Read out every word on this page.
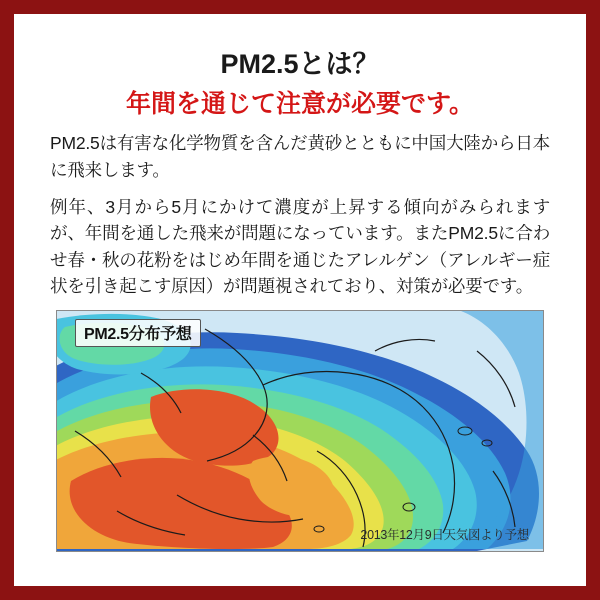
PM2.5とは？
年間を通じて注意が必要です。

PM2.5は有害な化学物質を含んだ黄砂とともに中国大陸から日本に飛来します。

例年、3月から5月にかけて濃度が上昇する傾向がみられますが、年間を通した飛来が問題になっています。またPM2.5に合わせ春・秋の花粉をはじめ年間を通じたアレルゲン（アレルギー症状を引き起こす原因）が問題視されており、対策が必要です。

PM2.5分布予想
2013年12月9日天気図より予想
